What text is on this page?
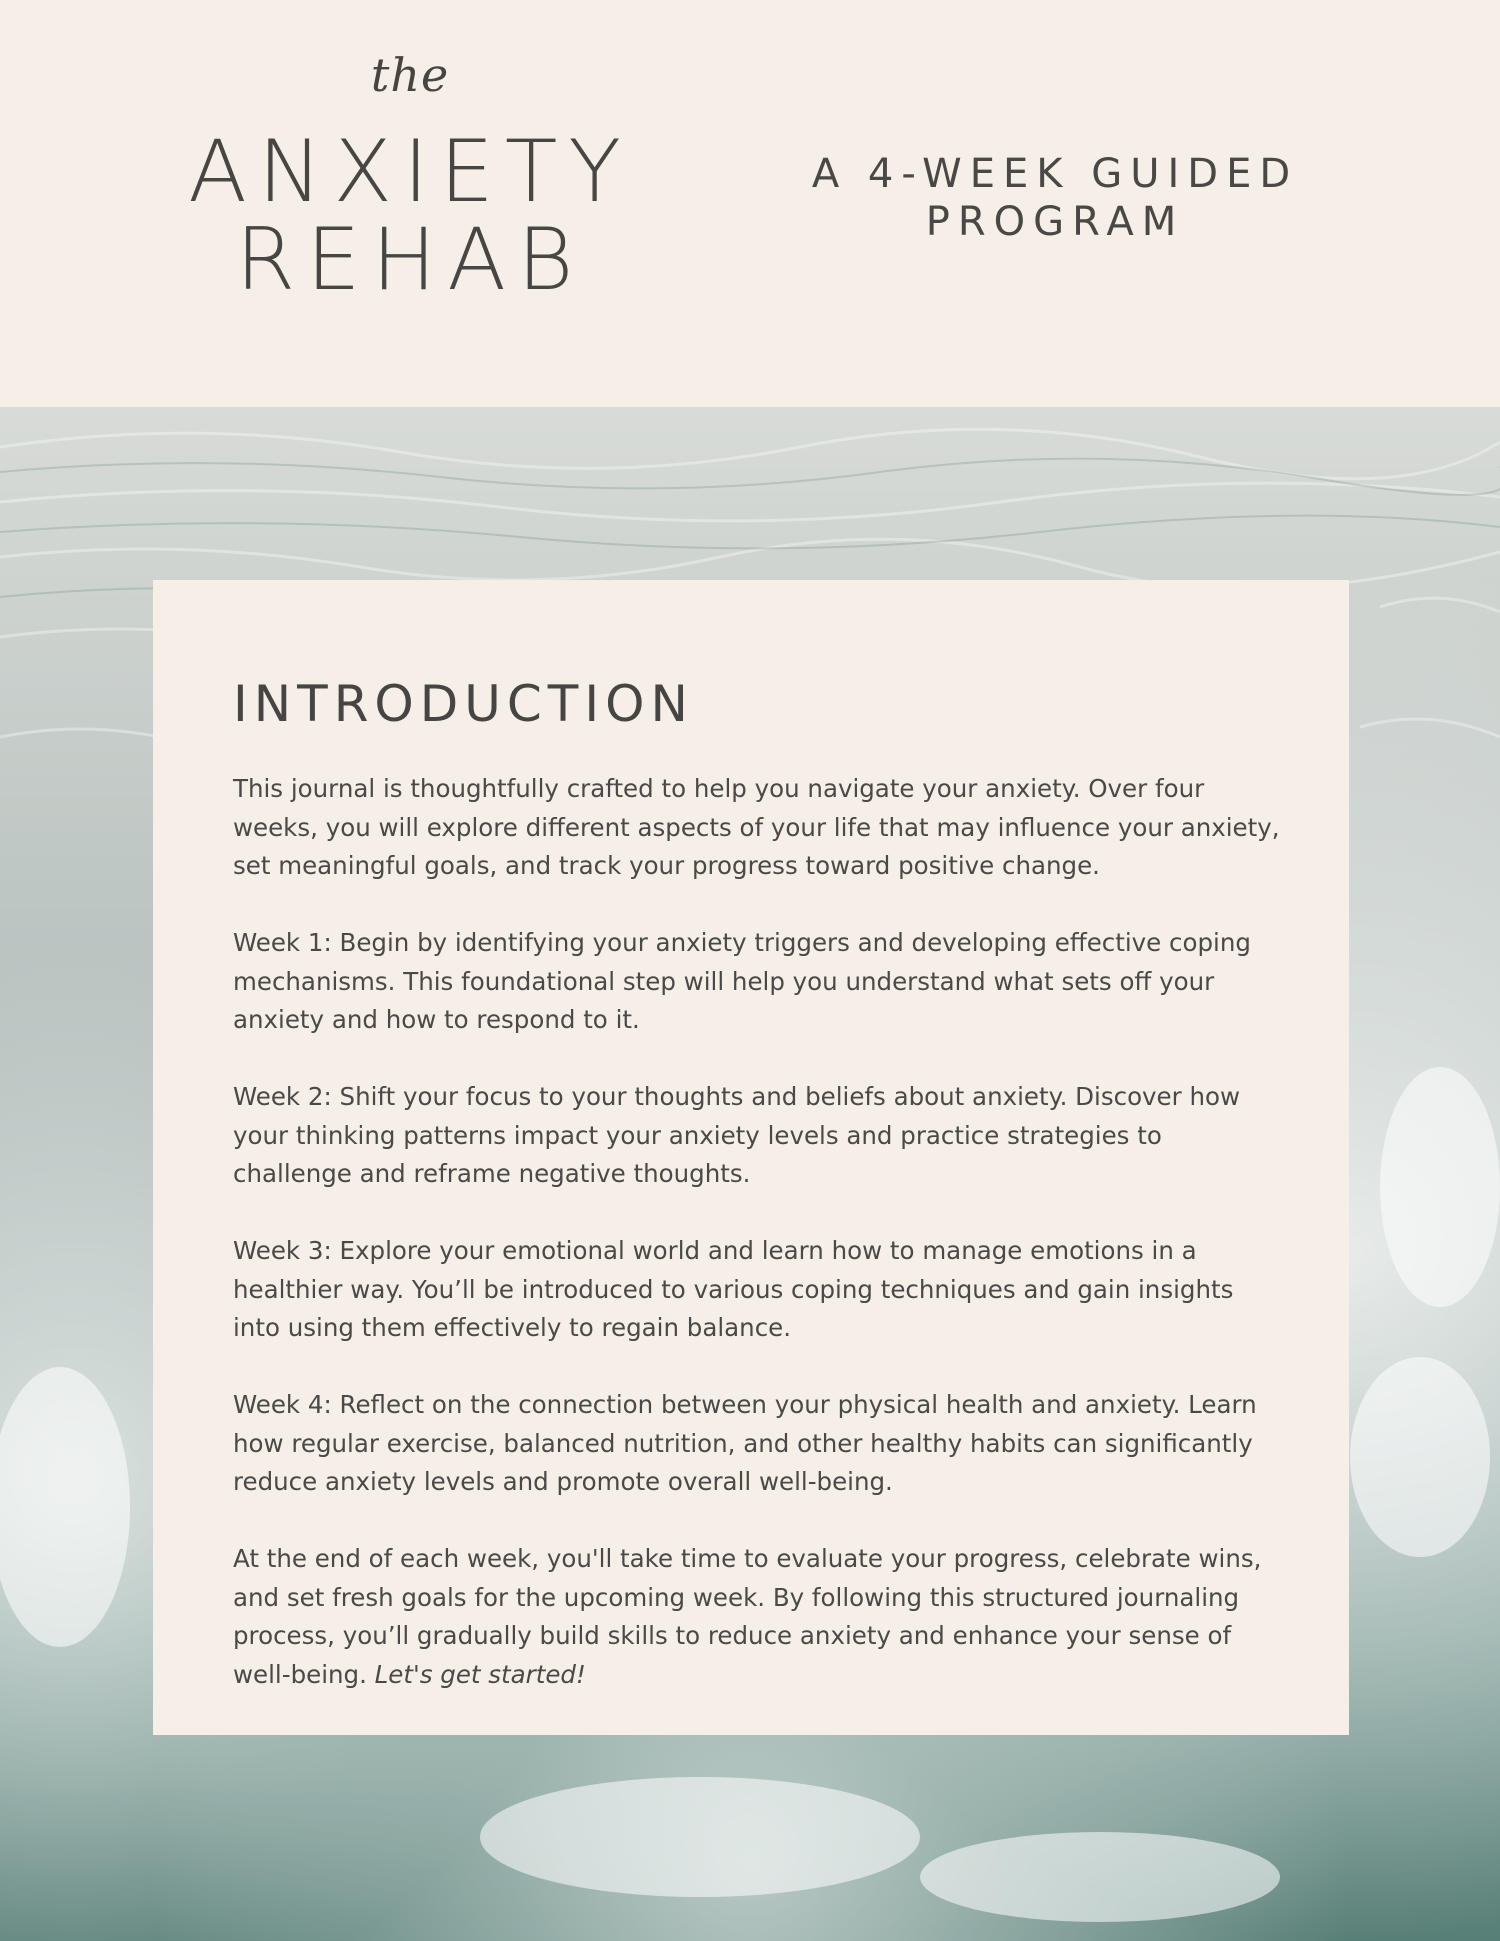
the
ANXIETY
REHAB
A 4-WEEK GUIDED
PROGRAM
INTRODUCTION

This journal is thoughtfully crafted to help you navigate your anxiety. Over four weeks, you will explore different aspects of your life that may influence your anxiety, set meaningful goals, and track your progress toward positive change.

Week 1: Begin by identifying your anxiety triggers and developing effective coping mechanisms. This foundational step will help you understand what sets off your anxiety and how to respond to it.

Week 2: Shift your focus to your thoughts and beliefs about anxiety. Discover how your thinking patterns impact your anxiety levels and practice strategies to challenge and reframe negative thoughts.

Week 3: Explore your emotional world and learn how to manage emotions in a healthier way. You’ll be introduced to various coping techniques and gain insights into using them effectively to regain balance.

Week 4: Reflect on the connection between your physical health and anxiety. Learn how regular exercise, balanced nutrition, and other healthy habits can significantly reduce anxiety levels and promote overall well-being.

At the end of each week, you'll take time to evaluate your progress, celebrate wins, and set fresh goals for the upcoming week. By following this structured journaling process, you’ll gradually build skills to reduce anxiety and enhance your sense of well-being. Let's get started!
